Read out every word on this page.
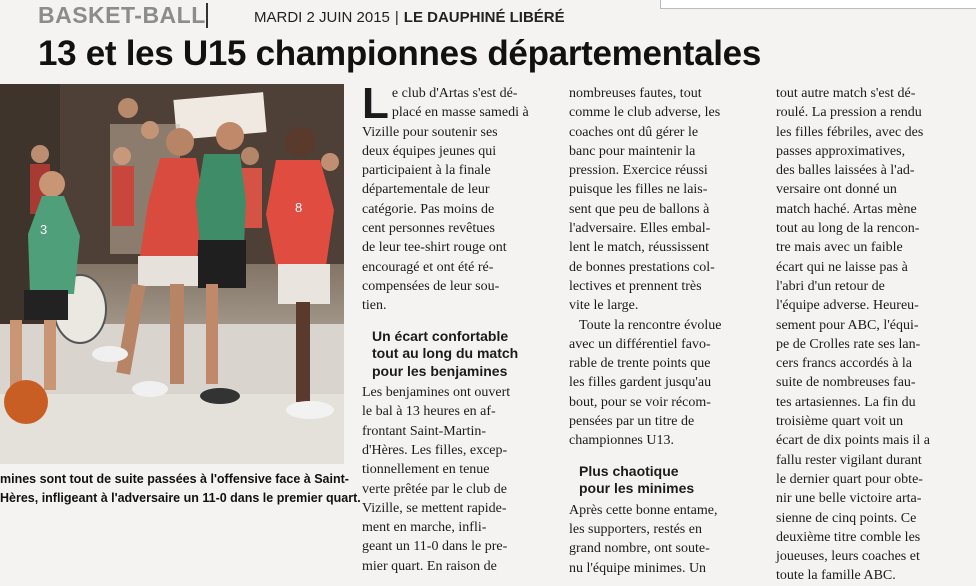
BASKET-BALL	MARDI 2 JUIN 2015 | LE DAUPHINÉ LIBÉRÉ
13 et les U15 championnes départementales
3
8

mines sont tout de suite passées à l'offensive face à Saint-

Hères, infligeant à l'adversaire un 11-0 dans le premier quart.

L e club d'Artas s'est dé-
placé en masse samedi à
Vizille pour soutenir ses
deux équipes jeunes qui
participaient à la finale
départementale de leur
catégorie. Pas moins de
cent personnes revêtues
de leur tee-shirt rouge ont
encouragé et ont été ré-
compensées de leur sou-
tien.

Un écart confortable
tout au long du match
pour les benjamines

Les benjamines ont ouvert
le bal à 13 heures en af-
frontant Saint-Martin-
d'Hères. Les filles, excep-
tionnellement en tenue
verte prêtée par le club de
Vizille, se mettent rapide-
ment en marche, infli-
geant un 11-0 dans le pre-
mier quart. En raison de

nombreuses fautes, tout
comme le club adverse, les
coaches ont dû gérer le
banc pour maintenir la
pression. Exercice réussi
puisque les filles ne lais-
sent que peu de ballons à
l'adversaire. Elles embal-
lent le match, réussissent
de bonnes prestations col-
lectives et prennent très
vite le large.

Toute la rencontre évolue
avec un différentiel favo-
rable de trente points que
les filles gardent jusqu'au
bout, pour se voir récom-
pensées par un titre de
championnes U13.

Plus chaotique
pour les minimes

Après cette bonne entame,
les supporters, restés en
grand nombre, ont soute-
nu l'équipe minimes. Un

tout autre match s'est dé-
roulé. La pression a rendu
les filles fébriles, avec des
passes approximatives,
des balles laissées à l'ad-
versaire ont donné un
match haché. Artas mène
tout au long de la rencon-
tre mais avec un faible
écart qui ne laisse pas à
l'abri d'un retour de
l'équipe adverse. Heureu-
sement pour ABC, l'équi-
pe de Crolles rate ses lan-
cers francs accordés à la
suite de nombreuses fau-
tes artasiennes. La fin du
troisième quart voit un
écart de dix points mais il a
fallu rester vigilant durant
le dernier quart pour obte-
nir une belle victoire arta-
sienne de cinq points. Ce
deuxième titre comble les
joueuses, leurs coaches et
toute la famille ABC.
